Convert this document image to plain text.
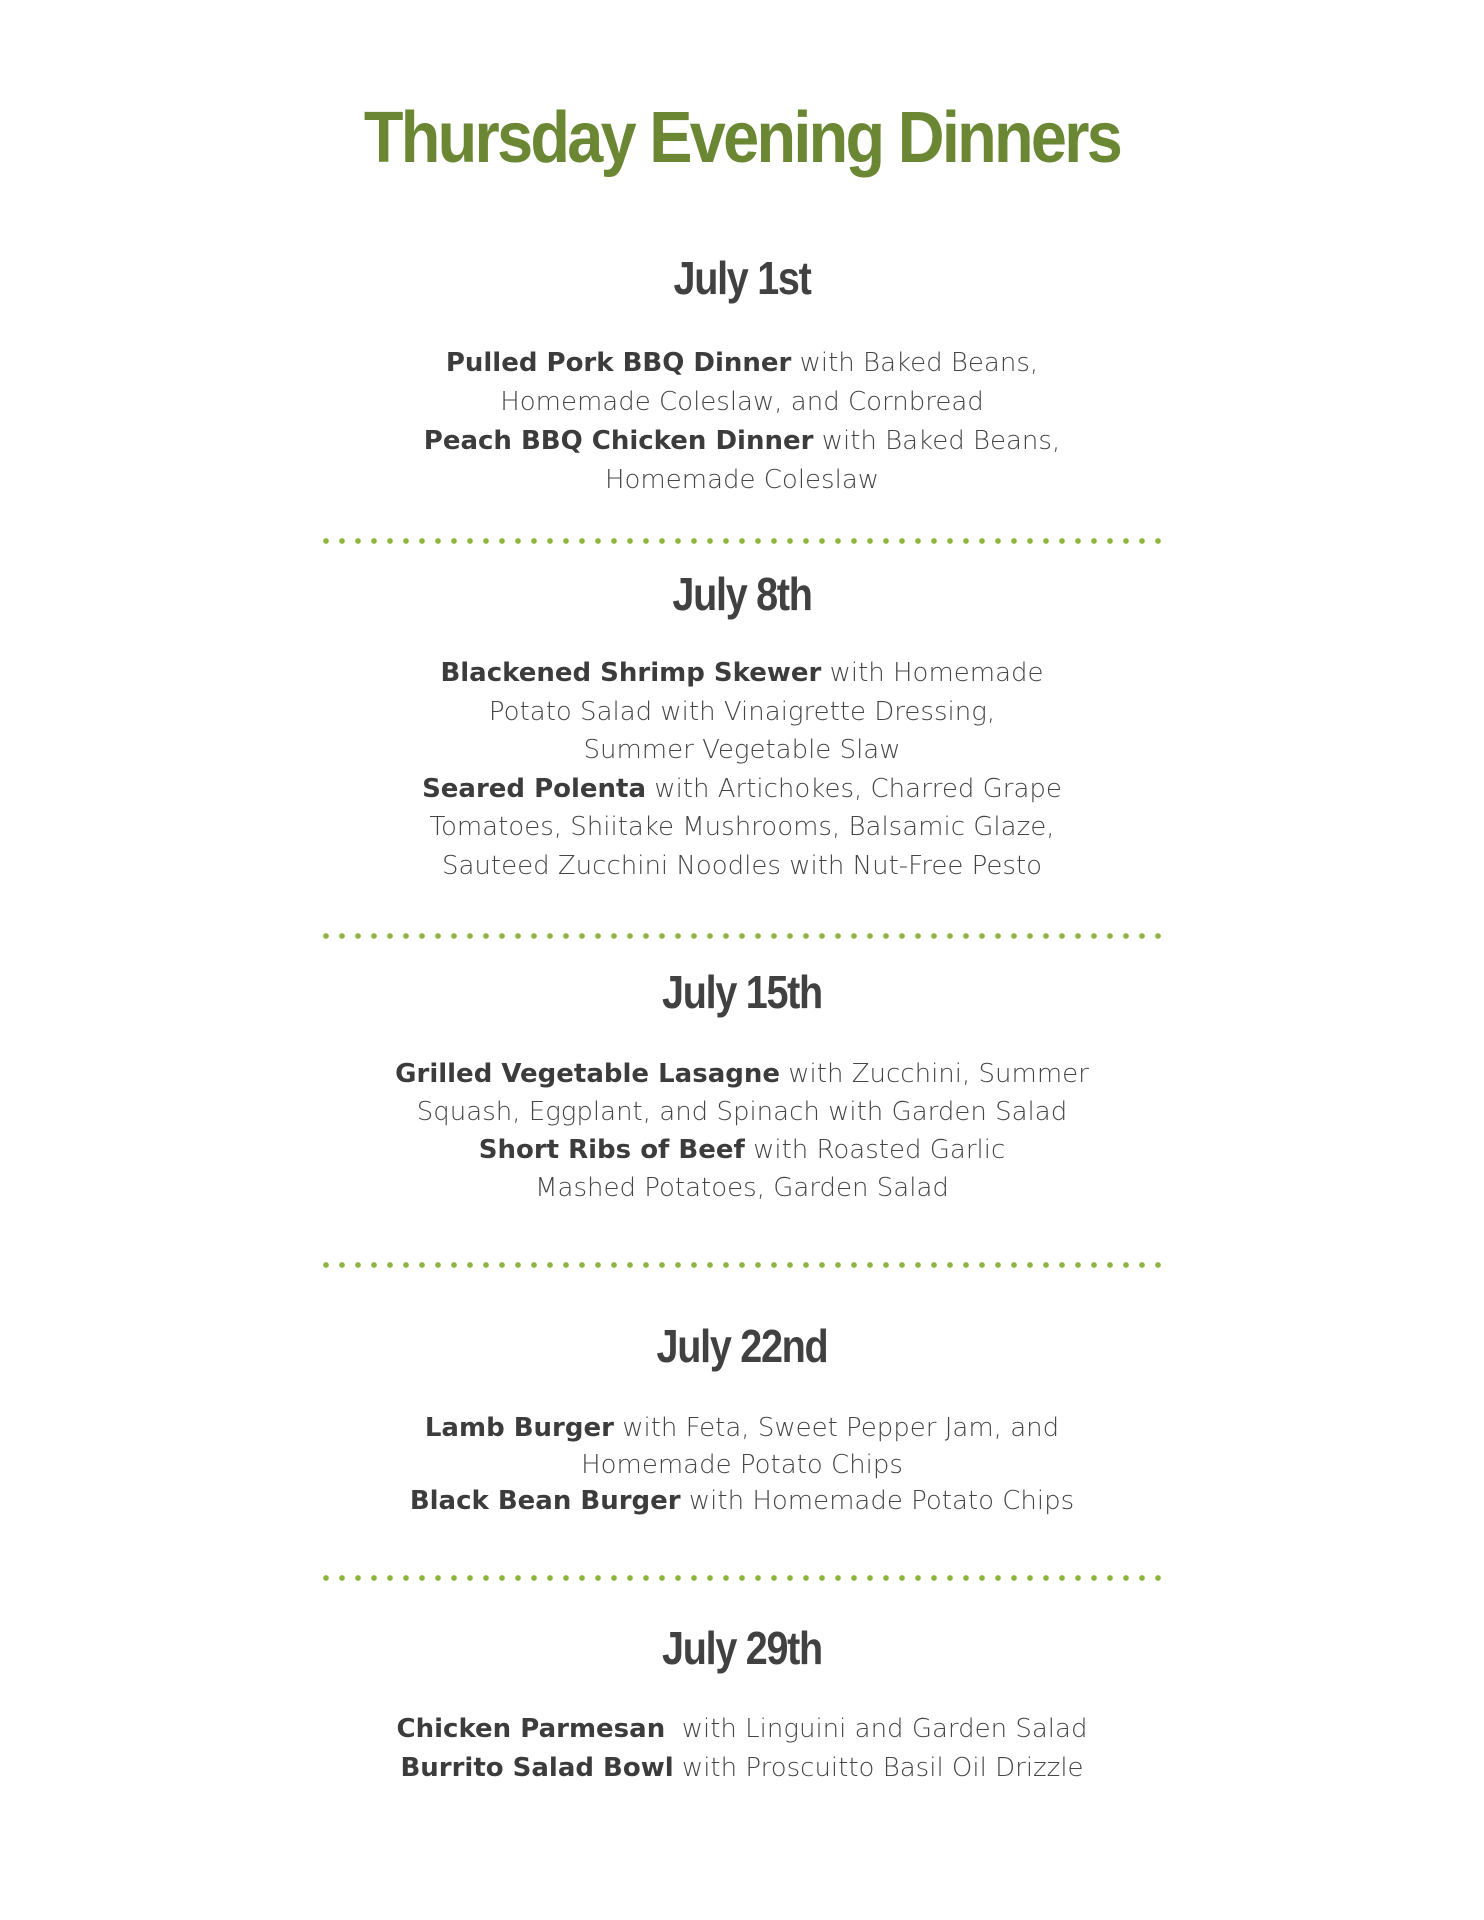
Thursday Evening Dinners
July 1st
Pulled Pork BBQ Dinner with Baked Beans,
Homemade Coleslaw, and Cornbread
Peach BBQ Chicken Dinner with Baked Beans,
Homemade Coleslaw
July 8th
Blackened Shrimp Skewer with Homemade
Potato Salad with Vinaigrette Dressing,
Summer Vegetable Slaw
Seared Polenta with Artichokes, Charred Grape
Tomatoes, Shiitake Mushrooms, Balsamic Glaze,
Sauteed Zucchini Noodles with Nut-Free Pesto
July 15th
Grilled Vegetable Lasagne with Zucchini, Summer
Squash, Eggplant, and Spinach with Garden Salad
Short Ribs of Beef with Roasted Garlic
Mashed Potatoes, Garden Salad
July 22nd
Lamb Burger with Feta, Sweet Pepper Jam, and
Homemade Potato Chips
Black Bean Burger with Homemade Potato Chips
July 29th
Chicken Parmesan  with Linguini and Garden Salad
Burrito Salad Bowl with Proscuitto Basil Oil Drizzle
